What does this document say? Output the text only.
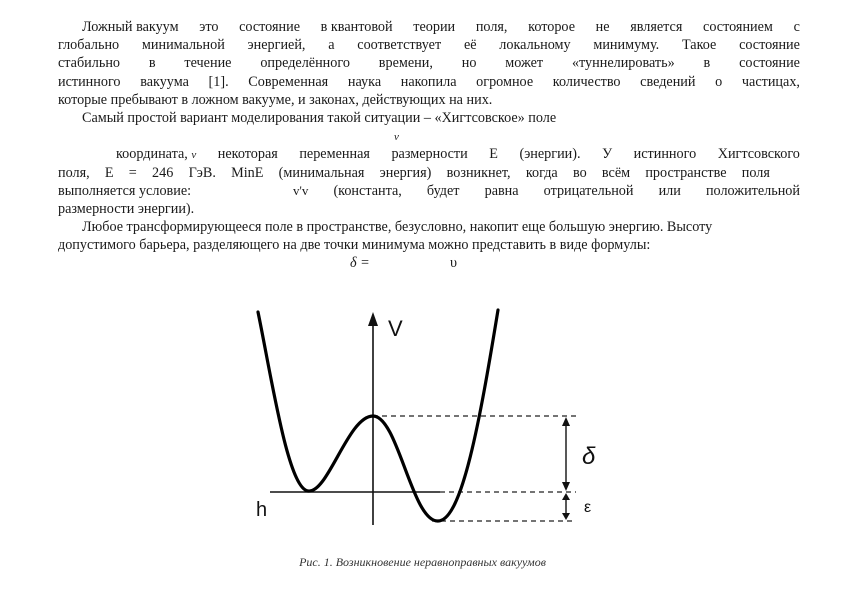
Ложный вакуум это состояние в квантовой теории поля, которое не является состоянием с
глобально минимальной энергией, а соответствует её локальному минимуму. Такое состояние
стабильно в течение определённого времени, но может «туннелировать» в состояние
истинного вакуума [1]. Современная наука накопила огромное количество сведений о частицах,
которые пребывают в ложном вакууме, и законах, действующих на них.
Самый простой вариант моделирования такой ситуации – «Хигтсовское» поле
v
координата, v некоторая переменная размерности E (энергии). У истинного Хигтсовского
поля, E = 246 ГэВ. MinE (минимальная энергия) возникнет, когда во всём пространстве поля
выполняется условие:	v'v (константа, будет равна отрицательной или положительной
размерности энергии).
Любое трансформирующееся поле в пространстве, безусловно, накопит еще большую энергию. Высоту
допустимого барьера, разделяющего на две точки минимума можно представить в виде формулы:
δ =	υ
V
h
δ
ε
Рис. 1. Возникновение неравноправных вакуумов
